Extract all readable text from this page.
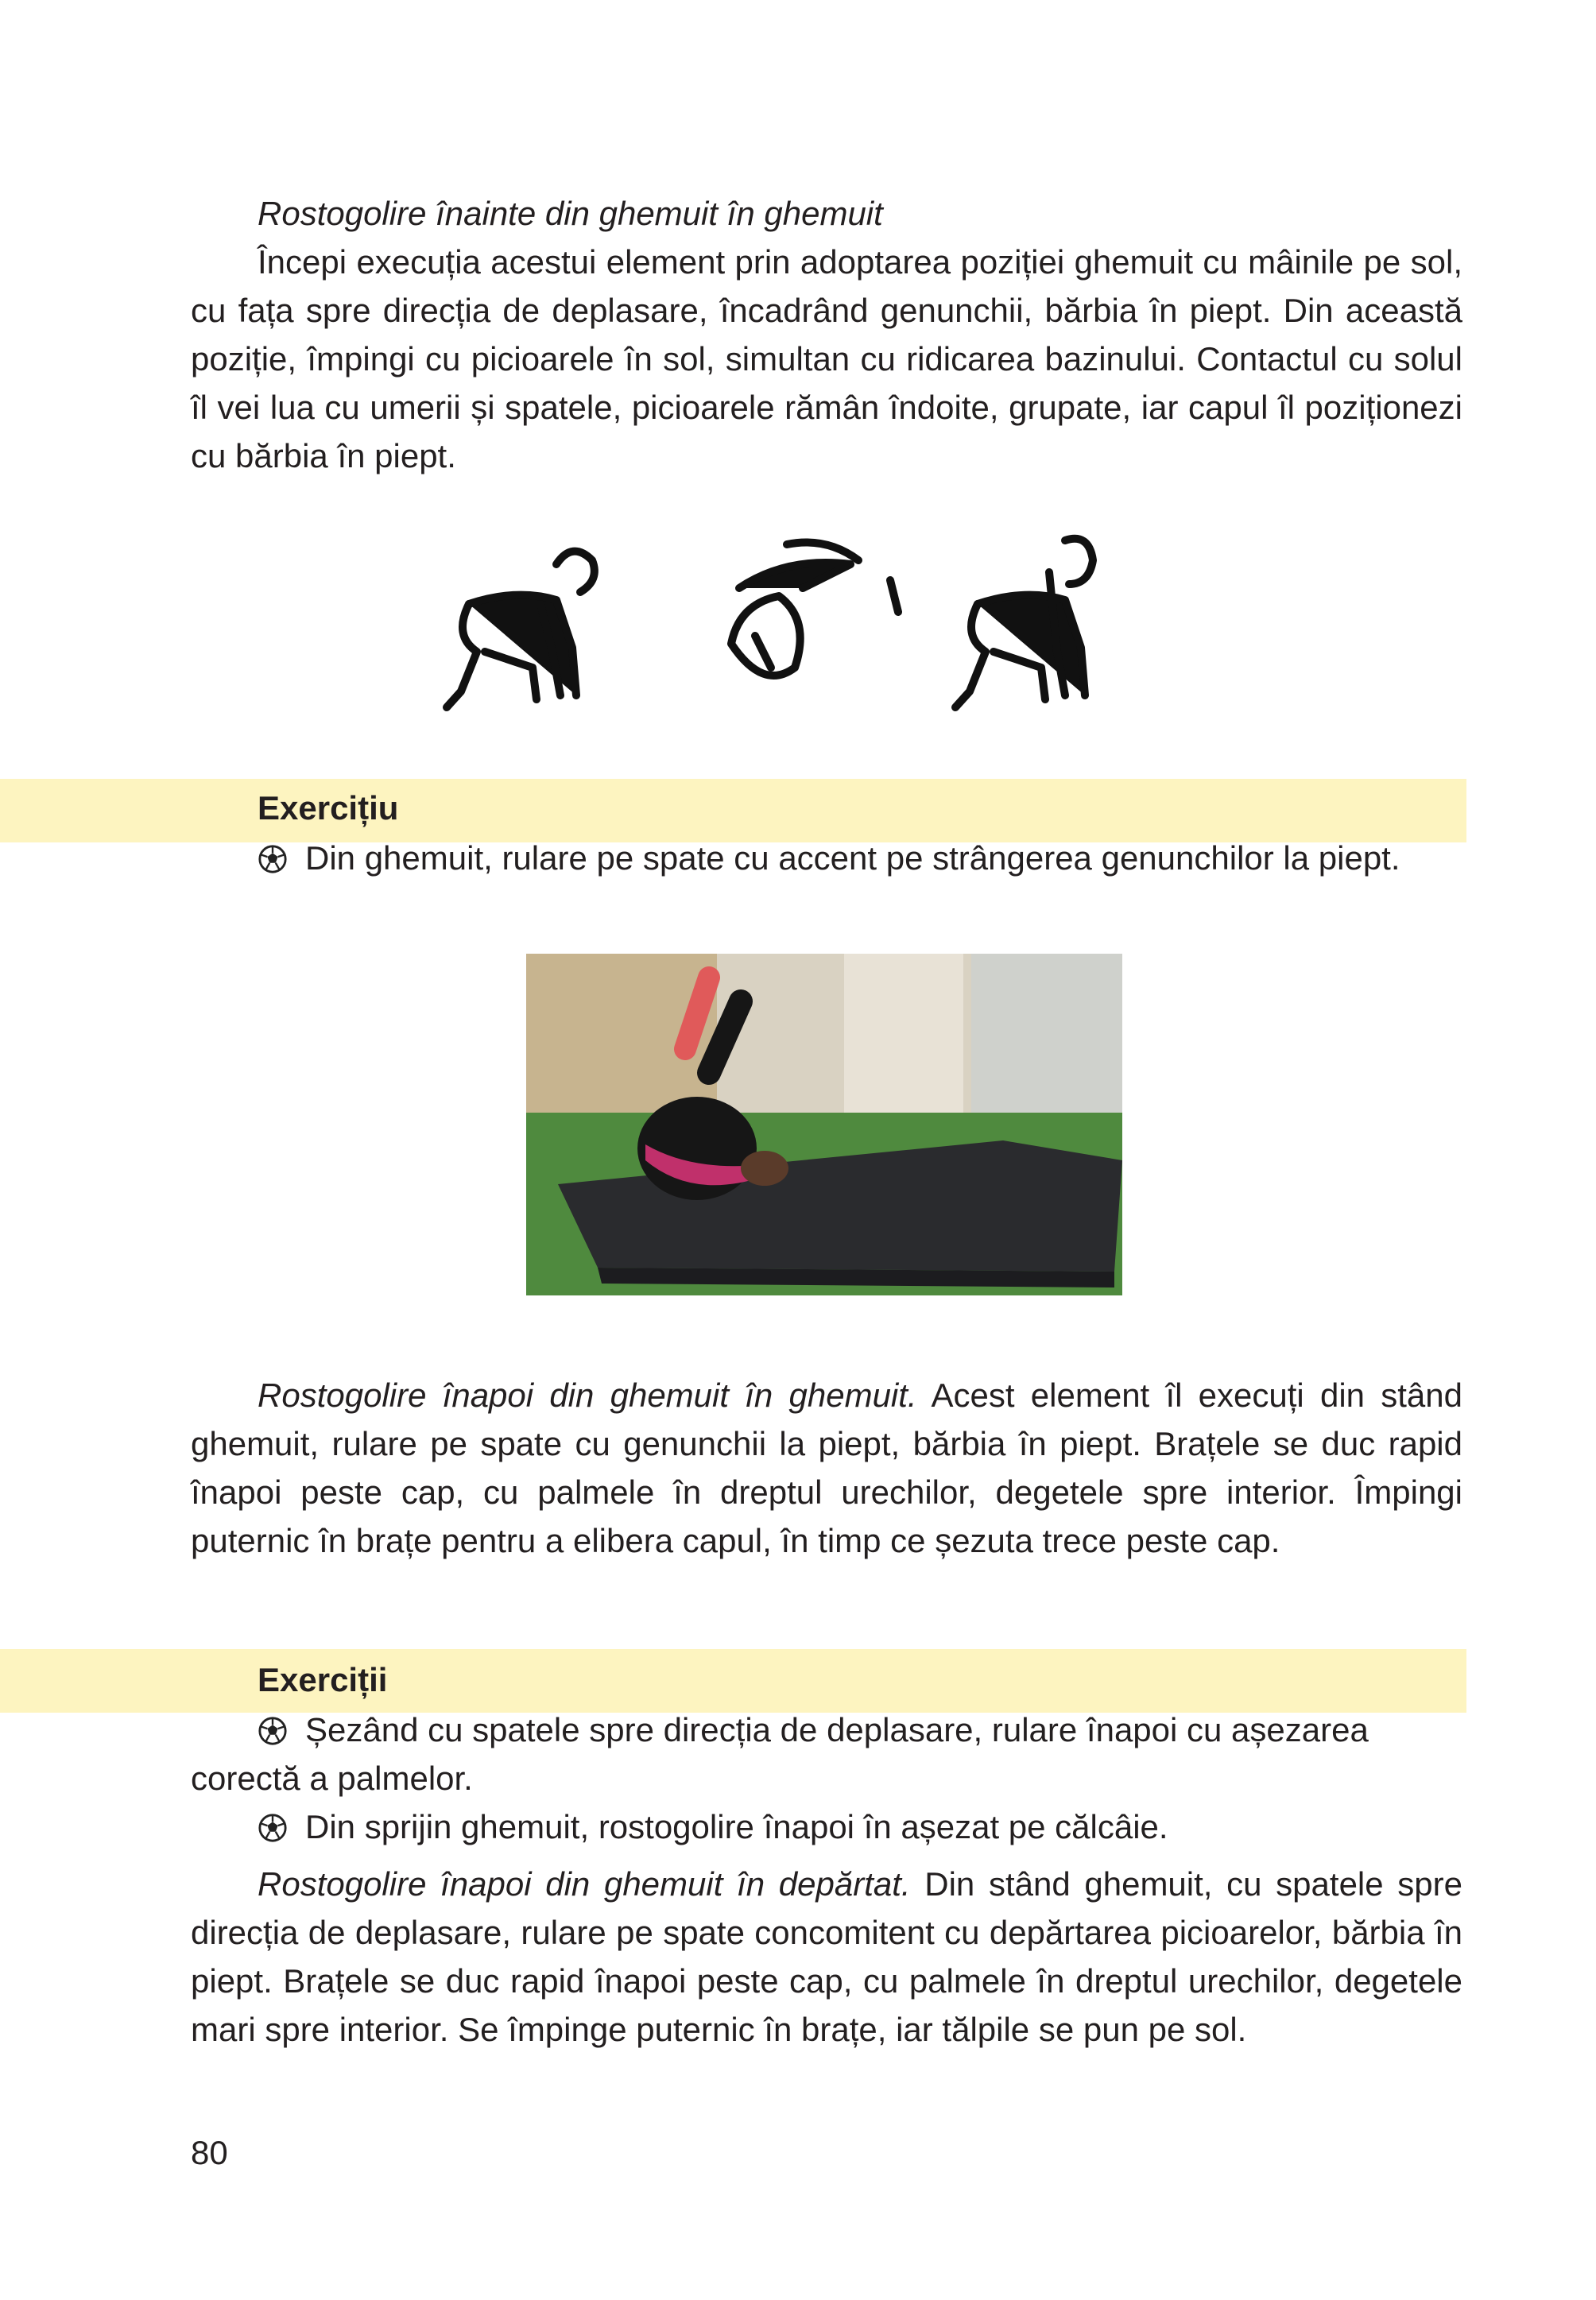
Rostogolire înainte din ghemuit în ghemuit

Începi execuția acestui element prin adoptarea poziției ghemuit cu mâinile pe sol, cu fața spre direcția de deplasare, încadrând genunchii, bărbia în piept. Din această poziție, împingi cu picioarele în sol, simultan cu ridicarea bazinului. Contactul cu solul îl vei lua cu umerii și spatele, picioarele rămân îndoite, grupate, iar capul îl poziționezi cu bărbia în piept.

Exercițiu

Din ghemuit, rulare pe spate cu accent pe strângerea genunchilor la piept.

Rostogolire înapoi din ghemuit în ghemuit. Acest element îl execuți din stând ghemuit, rulare pe spate cu genunchii la piept, bărbia în piept. Brațele se duc rapid înapoi peste cap, cu palmele în dreptul urechilor, degetele spre interior. Împingi puternic în brațe pentru a elibera capul, în timp ce șezuta trece peste cap.

Exerciții

Șezând cu spatele spre direcția de deplasare, rulare înapoi cu așezarea

corectă a palmelor.

Din sprijin ghemuit, rostogolire înapoi în așezat pe călcâie.

Rostogolire înapoi din ghemuit în depărtat. Din stând ghemuit, cu spatele spre direcția de deplasare, rulare pe spate concomitent cu depărtarea picioarelor, bărbia în piept. Brațele se duc rapid înapoi peste cap, cu palmele în dreptul urechilor, degetele mari spre interior. Se împinge puternic în brațe, iar tălpile se pun pe sol.

80
